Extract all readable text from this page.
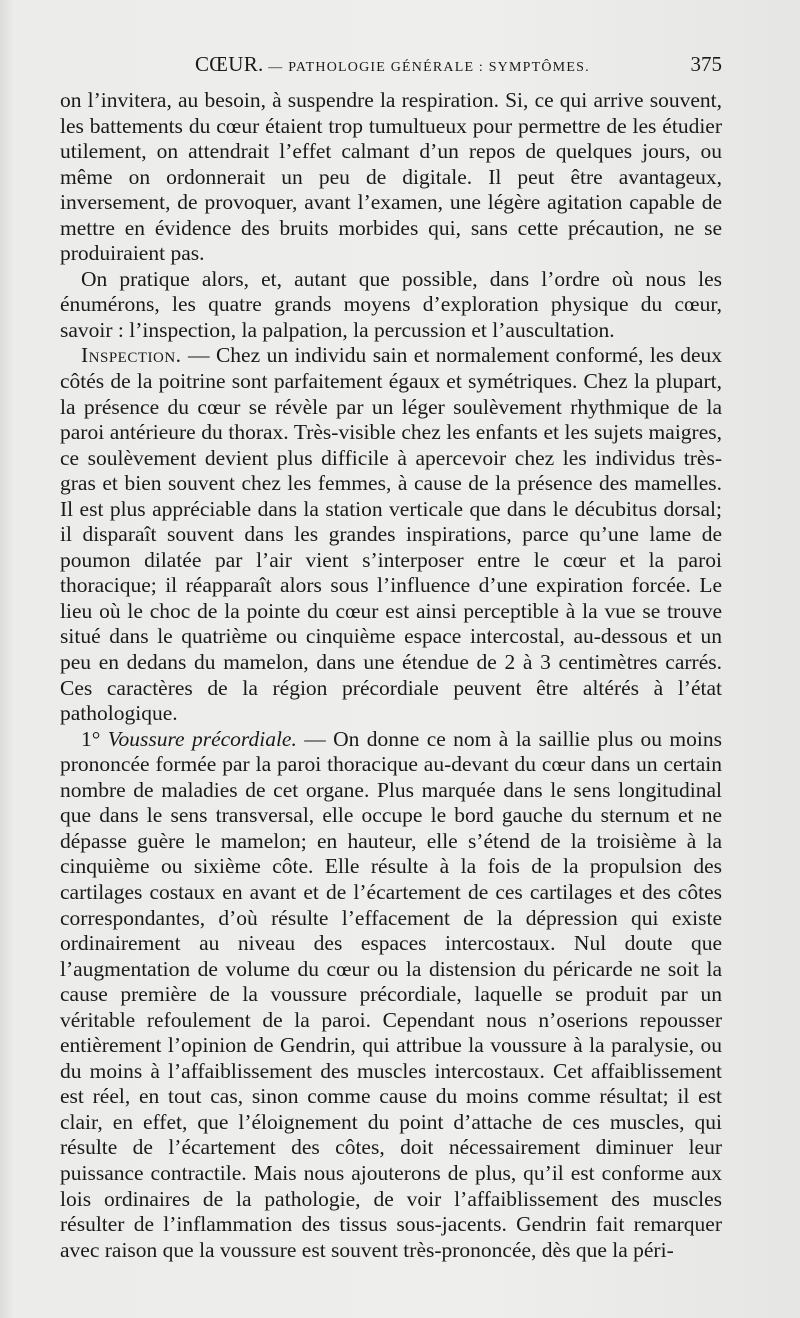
CŒUR. — PATHOLOGIE GÉNÉRALE : SYMPTÔMES.	375

on l’invitera, au besoin, à suspendre la respiration. Si, ce qui arrive souvent, les battements du cœur étaient trop tumultueux pour permettre de les étudier utilement, on attendrait l’effet calmant d’un repos de quelques jours, ou même on ordonnerait un peu de digitale. Il peut être avantageux, inversement, de provoquer, avant l’examen, une légère agitation capable de mettre en évidence des bruits morbides qui, sans cette précaution, ne se produiraient pas.

On pratique alors, et, autant que possible, dans l’ordre où nous les énumérons, les quatre grands moyens d’exploration physique du cœur, savoir : l’inspection, la palpation, la percussion et l’auscultation.

Inspection. — Chez un individu sain et normalement conformé, les deux côtés de la poitrine sont parfaitement égaux et symétriques. Chez la plupart, la présence du cœur se révèle par un léger soulèvement rhythmique de la paroi antérieure du thorax. Très-visible chez les enfants et les sujets maigres, ce soulèvement devient plus difficile à apercevoir chez les individus très-gras et bien souvent chez les femmes, à cause de la présence des mamelles. Il est plus appréciable dans la station verticale que dans le décubitus dorsal; il disparaît souvent dans les grandes inspirations, parce qu’une lame de poumon dilatée par l’air vient s’interposer entre le cœur et la paroi thoracique; il réapparaît alors sous l’influence d’une expiration forcée. Le lieu où le choc de la pointe du cœur est ainsi perceptible à la vue se trouve situé dans le quatrième ou cinquième espace intercostal, au-dessous et un peu en dedans du mamelon, dans une étendue de 2 à 3 centimètres carrés. Ces caractères de la région précordiale peuvent être altérés à l’état pathologique.

1° Voussure précordiale. — On donne ce nom à la saillie plus ou moins prononcée formée par la paroi thoracique au-devant du cœur dans un certain nombre de maladies de cet organe. Plus marquée dans le sens longitudinal que dans le sens transversal, elle occupe le bord gauche du sternum et ne dépasse guère le mamelon; en hauteur, elle s’étend de la troisième à la cinquième ou sixième côte. Elle résulte à la fois de la propulsion des cartilages costaux en avant et de l’écartement de ces cartilages et des côtes correspondantes, d’où résulte l’effacement de la dépression qui existe ordinairement au niveau des espaces intercostaux. Nul doute que l’augmentation de volume du cœur ou la distension du péricarde ne soit la cause première de la voussure précordiale, laquelle se produit par un véritable refoulement de la paroi. Cependant nous n’oserions repousser entièrement l’opinion de Gendrin, qui attribue la voussure à la paralysie, ou du moins à l’affaiblissement des muscles intercostaux. Cet affaiblissement est réel, en tout cas, sinon comme cause du moins comme résultat; il est clair, en effet, que l’éloignement du point d’attache de ces muscles, qui résulte de l’écartement des côtes, doit nécessairement diminuer leur puissance contractile. Mais nous ajouterons de plus, qu’il est conforme aux lois ordinaires de la pathologie, de voir l’affaiblissement des muscles résulter de l’inflammation des tissus sous-jacents. Gendrin fait remarquer avec raison que la voussure est souvent très-prononcée, dès que la péri-
